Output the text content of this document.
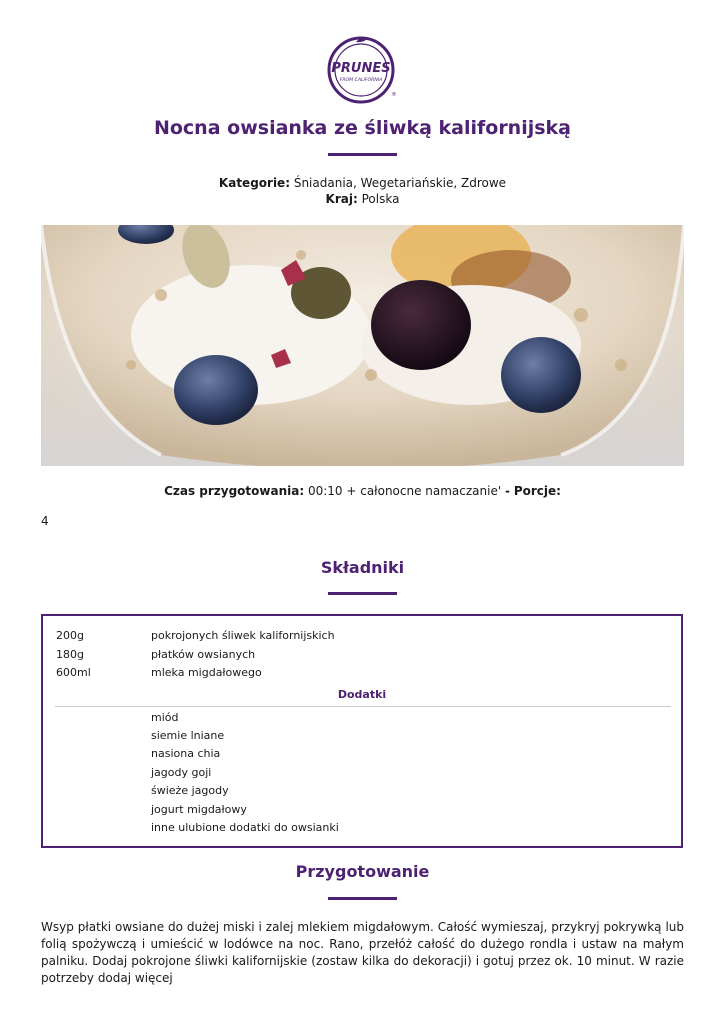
PRUNES
FROM CALIFORNIA
®
Nocna owsianka ze śliwką kalifornijską
Kategorie: Śniadania, Wegetariańskie, Zdrowe
Kraj: Polska
Czas przygotowania: 00:10 + całonocne namaczanie' - Porcje:
4
Składniki
200g	pokrojonych śliwek kalifornijskich
180g	płatków owsianych
600ml	mleka migdałowego
Dodatki
miód
siemie lniane
nasiona chia
jagody goji
świeże jagody
jogurt migdałowy
inne ulubione dodatki do owsianki
Przygotowanie
Wsyp płatki owsiane do dużej miski i zalej mlekiem migdałowym. Całość wymieszaj, przykryj pokrywką lub folią spożywczą i umieścić w lodówce na noc. Rano, przełóż całość do dużego rondla i ustaw na małym palniku. Dodaj pokrojone śliwki kalifornijskie (zostaw kilka do dekoracji) i gotuj przez ok. 10 minut. W razie potrzeby dodaj więcej
